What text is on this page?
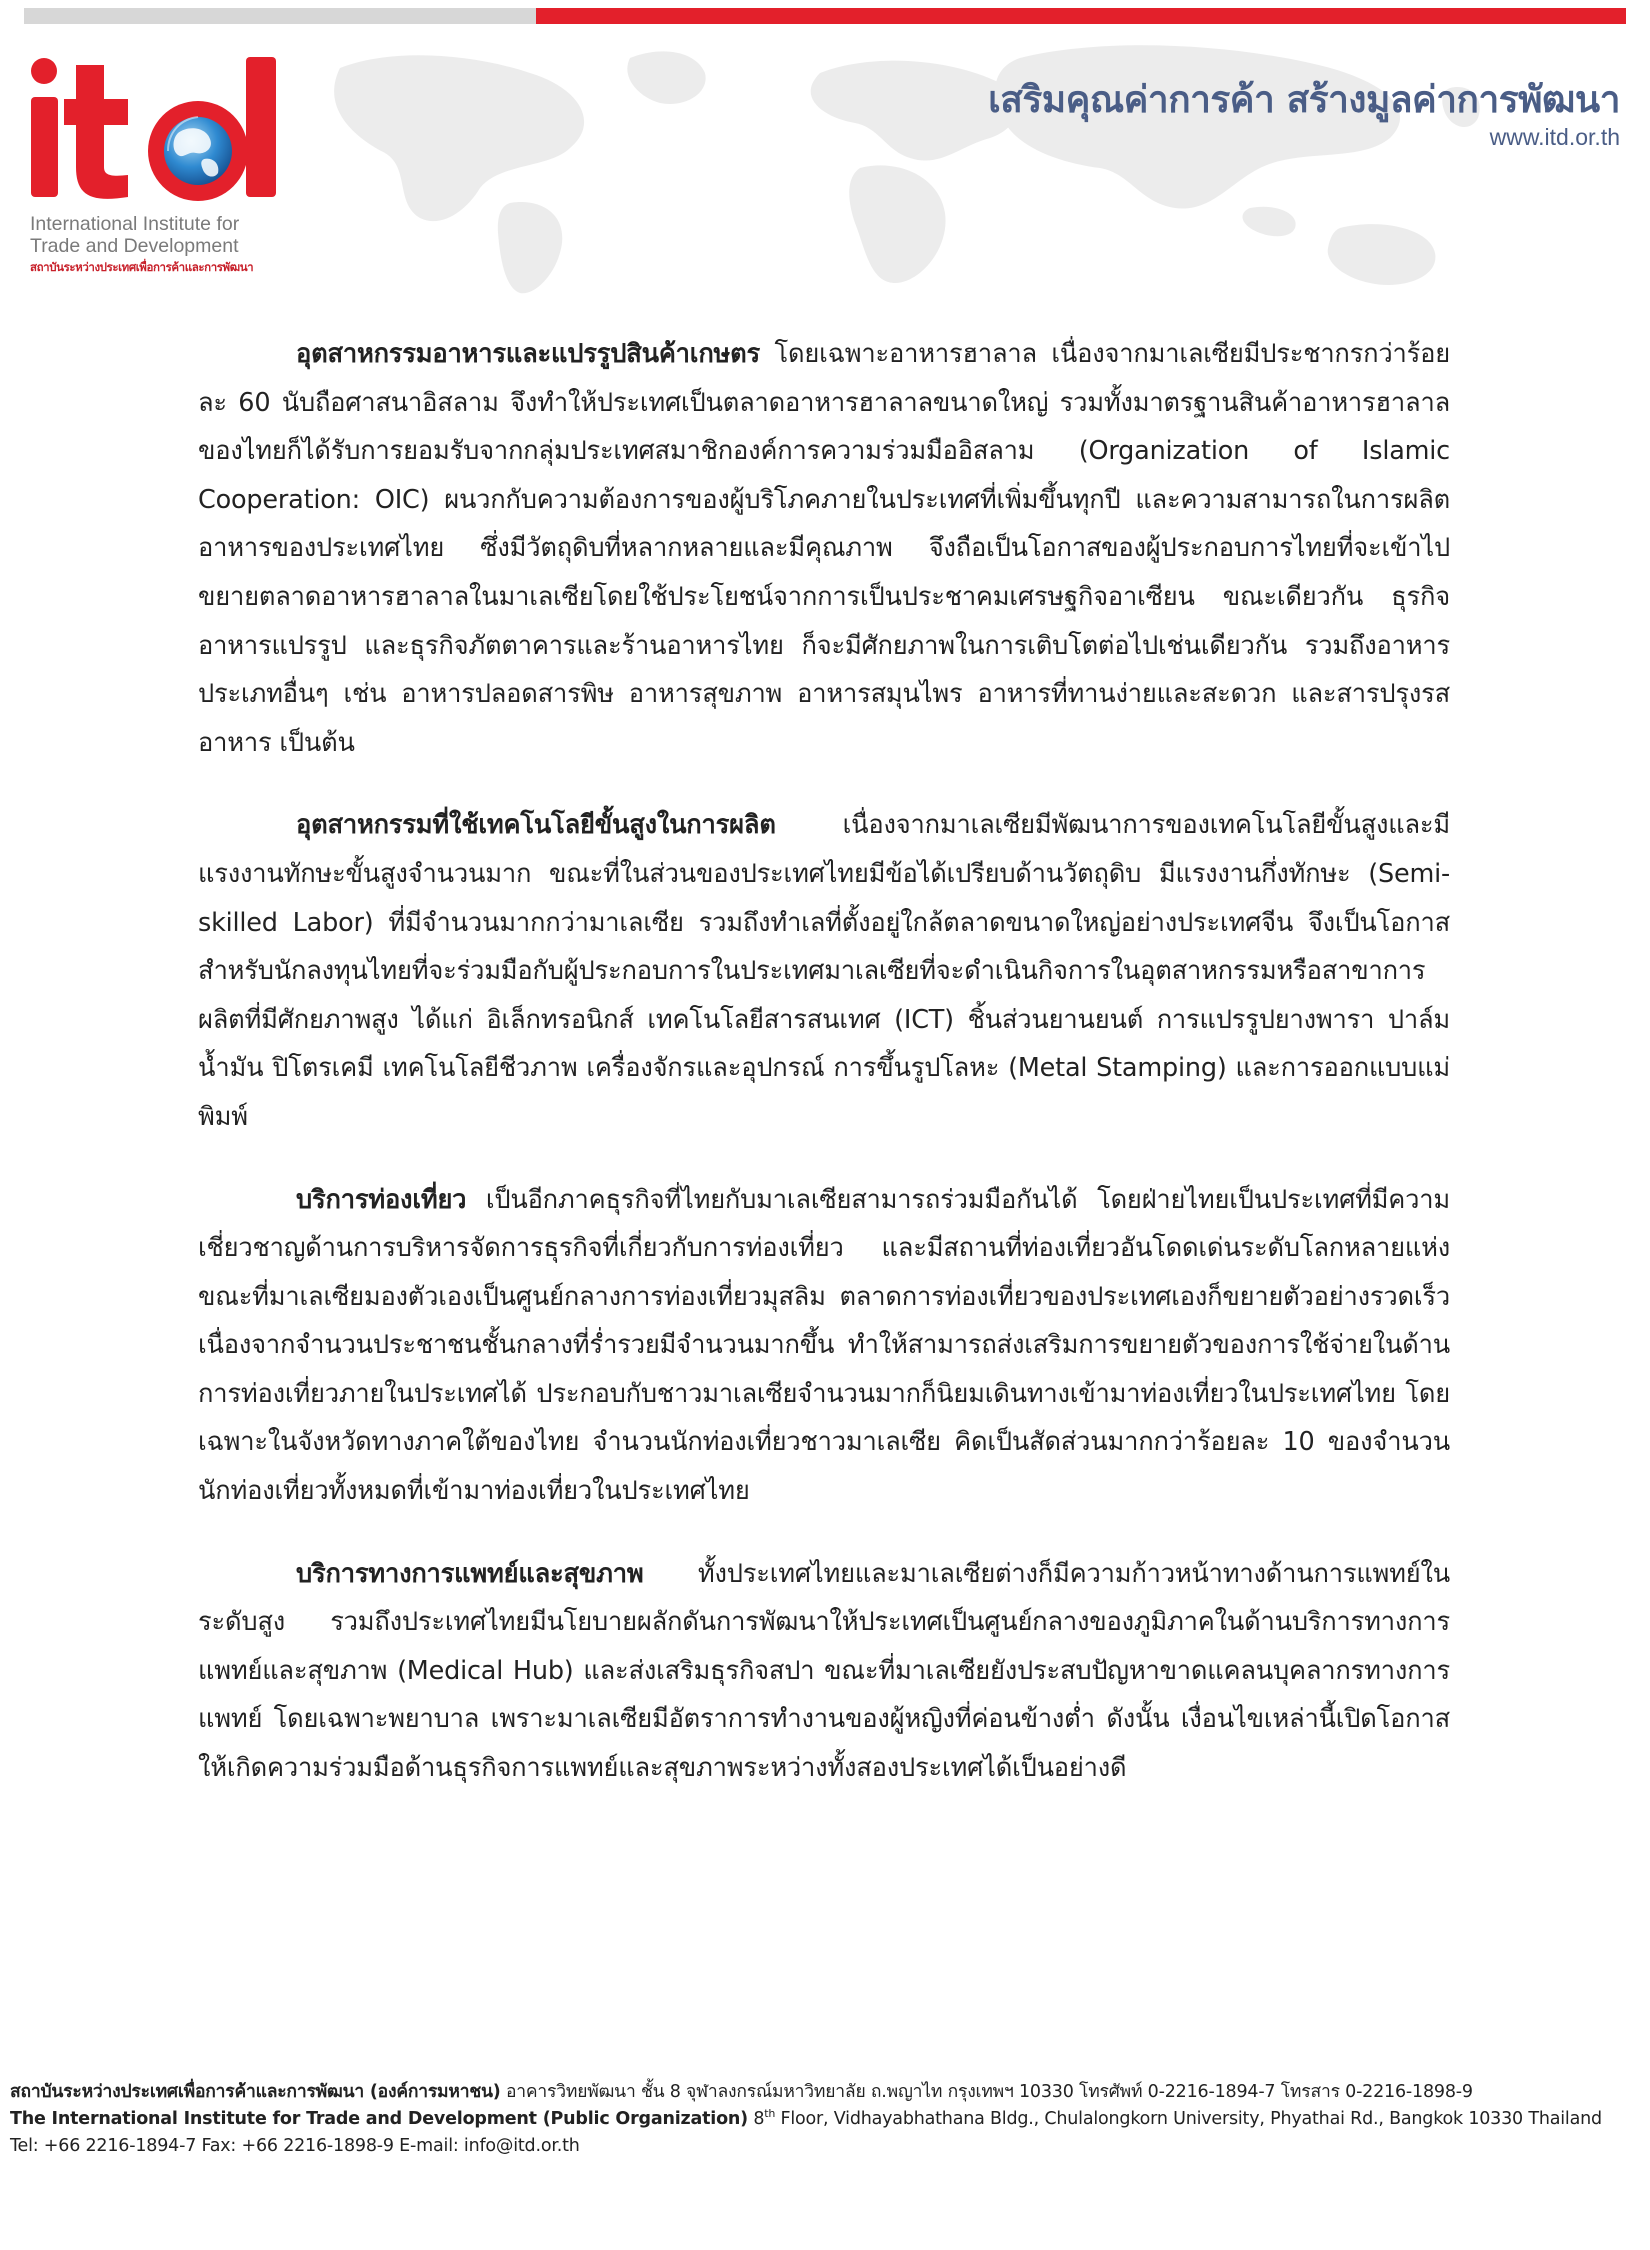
International Institute for
Trade and Development
สถาบันระหว่างประเทศเพื่อการค้าและการพัฒนา
เสริมคุณค่าการค้า สร้างมูลค่าการพัฒนา
www.itd.or.th

อุตสาหกรรมอาหารและแปรรูปสินค้าเกษตร โดยเฉพาะอาหารฮาลาล เนื่องจากมาเลเซียมีประชากรกว่าร้อยละ 60 นับถือศาสนาอิสลาม จึงทำให้ประเทศเป็นตลาดอาหารฮาลาลขนาดใหญ่ รวมทั้งมาตรฐานสินค้าอาหารฮาลาลของไทยก็ได้รับการยอมรับจากกลุ่มประเทศสมาชิกองค์การความร่วมมืออิสลาม (Organization of Islamic Cooperation: OIC) ผนวกกับความต้องการของผู้บริโภคภายในประเทศที่เพิ่มขึ้นทุกปี และความสามารถในการผลิตอาหารของประเทศไทย ซึ่งมีวัตถุดิบที่หลากหลายและมีคุณภาพ จึงถือเป็นโอกาสของผู้ประกอบการไทยที่จะเข้าไปขยายตลาดอาหารฮาลาลในมาเลเซียโดยใช้ประโยชน์จากการเป็นประชาคมเศรษฐกิจอาเซียน ขณะเดียวกัน ธุรกิจอาหารแปรรูป และธุรกิจภัตตาคารและร้านอาหารไทย ก็จะมีศักยภาพในการเติบโตต่อไปเช่นเดียวกัน รวมถึงอาหารประเภทอื่นๆ เช่น อาหารปลอดสารพิษ อาหารสุขภาพ อาหารสมุนไพร อาหารที่ทานง่ายและสะดวก และสารปรุงรสอาหาร เป็นต้น

อุตสาหกรรมที่ใช้เทคโนโลยีขั้นสูงในการผลิต เนื่องจากมาเลเซียมีพัฒนาการของเทคโนโลยีขั้นสูงและมีแรงงานทักษะขั้นสูงจำนวนมาก ขณะที่ในส่วนของประเทศไทยมีข้อได้เปรียบด้านวัตถุดิบ มีแรงงานกึ่งทักษะ (Semi-skilled Labor) ที่มีจำนวนมากกว่ามาเลเซีย รวมถึงทำเลที่ตั้งอยู่ใกล้ตลาดขนาดใหญ่อย่างประเทศจีน จึงเป็นโอกาสสำหรับนักลงทุนไทยที่จะร่วมมือกับผู้ประกอบการในประเทศมาเลเซียที่จะดำเนินกิจการในอุตสาหกรรมหรือสาขาการผลิตที่มีศักยภาพสูง ได้แก่ อิเล็กทรอนิกส์ เทคโนโลยีสารสนเทศ (ICT) ชิ้นส่วนยานยนต์ การแปรรูปยางพารา ปาล์มน้ำมัน ปิโตรเคมี เทคโนโลยีชีวภาพ เครื่องจักรและอุปกรณ์ การขึ้นรูปโลหะ (Metal Stamping) และการออกแบบแม่พิมพ์

บริการท่องเที่ยว เป็นอีกภาคธุรกิจที่ไทยกับมาเลเซียสามารถร่วมมือกันได้ โดยฝ่ายไทยเป็นประเทศที่มีความเชี่ยวชาญด้านการบริหารจัดการธุรกิจที่เกี่ยวกับการท่องเที่ยว และมีสถานที่ท่องเที่ยวอันโดดเด่นระดับโลกหลายแห่ง ขณะที่มาเลเซียมองตัวเองเป็นศูนย์กลางการท่องเที่ยวมุสลิม ตลาดการท่องเที่ยวของประเทศเองก็ขยายตัวอย่างรวดเร็ว เนื่องจากจำนวนประชาชนชั้นกลางที่ร่ำรวยมีจำนวนมากขึ้น ทำให้สามารถส่งเสริมการขยายตัวของการใช้จ่ายในด้านการท่องเที่ยวภายในประเทศได้ ประกอบกับชาวมาเลเซียจำนวนมากก็นิยมเดินทางเข้ามาท่องเที่ยวในประเทศไทย โดยเฉพาะในจังหวัดทางภาคใต้ของไทย จำนวนนักท่องเที่ยวชาวมาเลเซีย คิดเป็นสัดส่วนมากกว่าร้อยละ 10 ของจำนวนนักท่องเที่ยวทั้งหมดที่เข้ามาท่องเที่ยวในประเทศไทย

บริการทางการแพทย์และสุขภาพ ทั้งประเทศไทยและมาเลเซียต่างก็มีความก้าวหน้าทางด้านการแพทย์ในระดับสูง รวมถึงประเทศไทยมีนโยบายผลักดันการพัฒนาให้ประเทศเป็นศูนย์กลางของภูมิภาคในด้านบริการทางการแพทย์และสุขภาพ (Medical Hub) และส่งเสริมธุรกิจสปา ขณะที่มาเลเซียยังประสบปัญหาขาดแคลนบุคลากรทางการแพทย์ โดยเฉพาะพยาบาล เพราะมาเลเซียมีอัตราการทำงานของผู้หญิงที่ค่อนข้างต่ำ ดังนั้น เงื่อนไขเหล่านี้เปิดโอกาสให้เกิดความร่วมมือด้านธุรกิจการแพทย์และสุขภาพระหว่างทั้งสองประเทศได้เป็นอย่างดี

สถาบันระหว่างประเทศเพื่อการค้าและการพัฒนา (องค์การมหาชน) อาคารวิทยพัฒนา ชั้น 8 จุฬาลงกรณ์มหาวิทยาลัย ถ.พญาไท กรุงเทพฯ 10330 โทรศัพท์ 0-2216-1894-7 โทรสาร 0-2216-1898-9
The International Institute for Trade and Development (Public Organization) 8th Floor, Vidhayabhathana Bldg., Chulalongkorn University, Phyathai Rd., Bangkok 10330 Thailand
Tel: +66 2216-1894-7 Fax: +66 2216-1898-9 E-mail: info@itd.or.th
